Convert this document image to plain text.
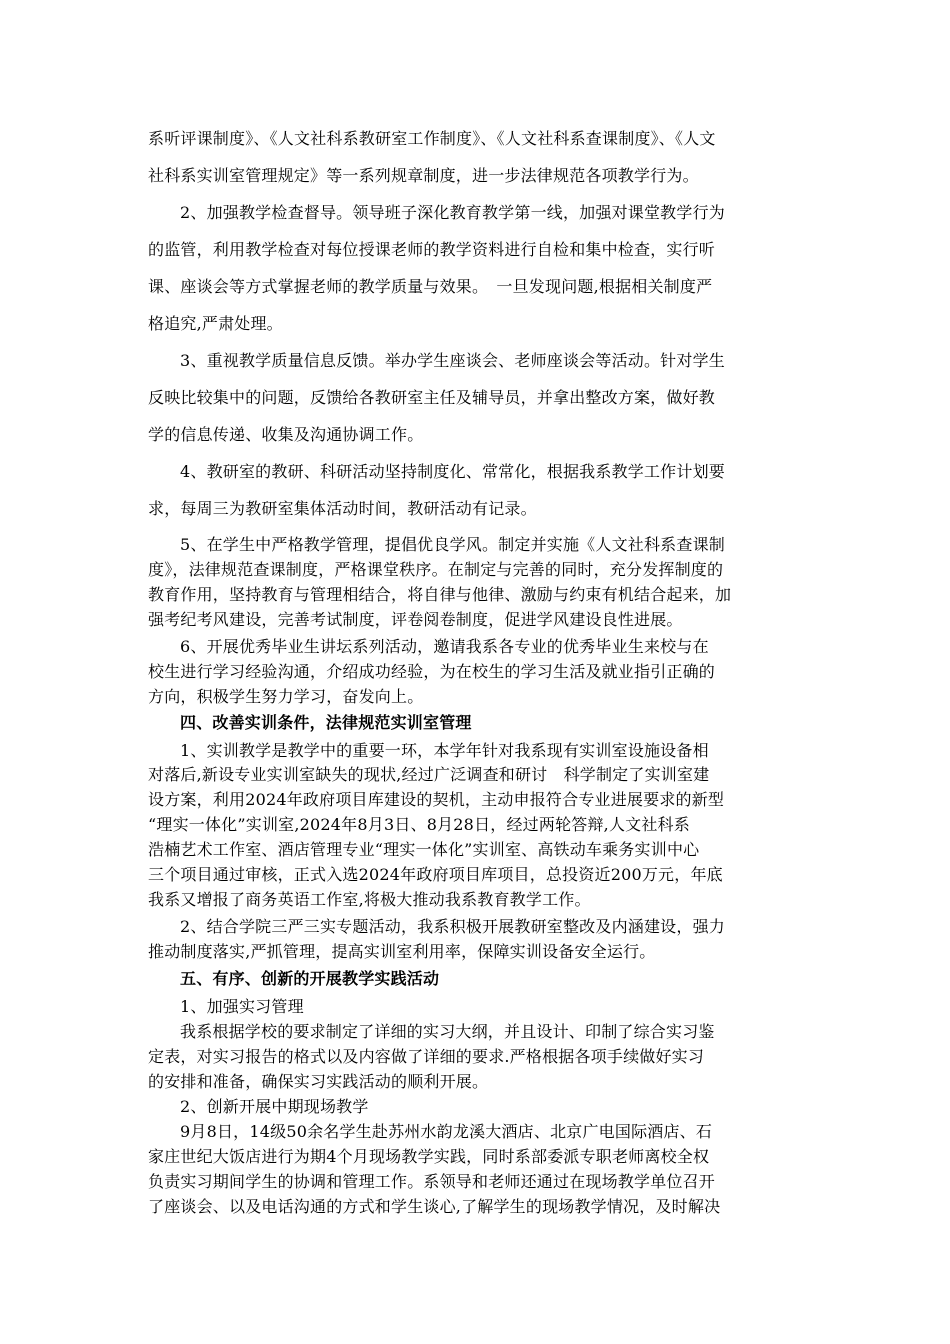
系听评课制度》、《人文社科系教研室工作制度》、《人文社科系查课制度》、《人文
社科系实训室管理规定》等一系列规章制度，进一步法律规范各项教学行为。
2、加强教学检查督导。领导班子深化教育教学第一线，加强对课堂教学行为
的监管，利用教学检查对每位授课老师的教学资料进行自检和集中检查，实行听
课、座谈会等方式掌握老师的教学质量与效果。　一旦发现问题,根据相关制度严
格追究,严肃处理。
3、重视教学质量信息反馈。举办学生座谈会、老师座谈会等活动。针对学生
反映比较集中的问题，反馈给各教研室主任及辅导员，并拿出整改方案，做好教
学的信息传递、收集及沟通协调工作。
4、教研室的教研、科研活动坚持制度化、常常化，根据我系教学工作计划要
求，每周三为教研室集体活动时间，教研活动有记录。
5、在学生中严格教学管理，提倡优良学风。制定并实施《人文社科系查课制
度》，法律规范查课制度，严格课堂秩序。在制定与完善的同时，充分发挥制度的
教育作用，坚持教育与管理相结合，将自律与他律、激励与约束有机结合起来，加
强考纪考风建设，完善考试制度，评卷阅卷制度，促进学风建设良性进展。
6、开展优秀毕业生讲坛系列活动，邀请我系各专业的优秀毕业生来校与在
校生进行学习经验沟通，介绍成功经验，为在校生的学习生活及就业指引正确的
方向，积极学生努力学习，奋发向上。
四、改善实训条件，法律规范实训室管理
1、实训教学是教学中的重要一环，本学年针对我系现有实训室设施设备相
对落后,新设专业实训室缺失的现状,经过广泛调查和研讨　科学制定了实训室建
设方案，利用2024年政府项目库建设的契机，主动申报符合专业进展要求的新型
“理实一体化”实训室,2024年8月3日、8月28日，经过两轮答辩,人文社科系
浩楠艺术工作室、酒店管理专业“理实一体化”实训室、高铁动车乘务实训中心
三个项目通过审核，正式入选2024年政府项目库项目，总投资近200万元，年底
我系又增报了商务英语工作室,将极大推动我系教育教学工作。
2、结合学院三严三实专题活动，我系积极开展教研室整改及内涵建设，强力
推动制度落实,严抓管理，提高实训室利用率，保障实训设备安全运行。
五、有序、创新的开展教学实践活动
1、加强实习管理
我系根据学校的要求制定了详细的实习大纲，并且设计、印制了综合实习鉴
定表，对实习报告的格式以及内容做了详细的要求.严格根据各项手续做好实习
的安排和准备，确保实习实践活动的顺利开展。
2、创新开展中期现场教学
9月8日，14级50余名学生赴苏州水韵龙溪大酒店、北京广电国际酒店、石
家庄世纪大饭店进行为期4个月现场教学实践，同时系部委派专职老师离校全权
负责实习期间学生的协调和管理工作。系领导和老师还通过在现场教学单位召开
了座谈会、以及电话沟通的方式和学生谈心,了解学生的现场教学情况，及时解决
